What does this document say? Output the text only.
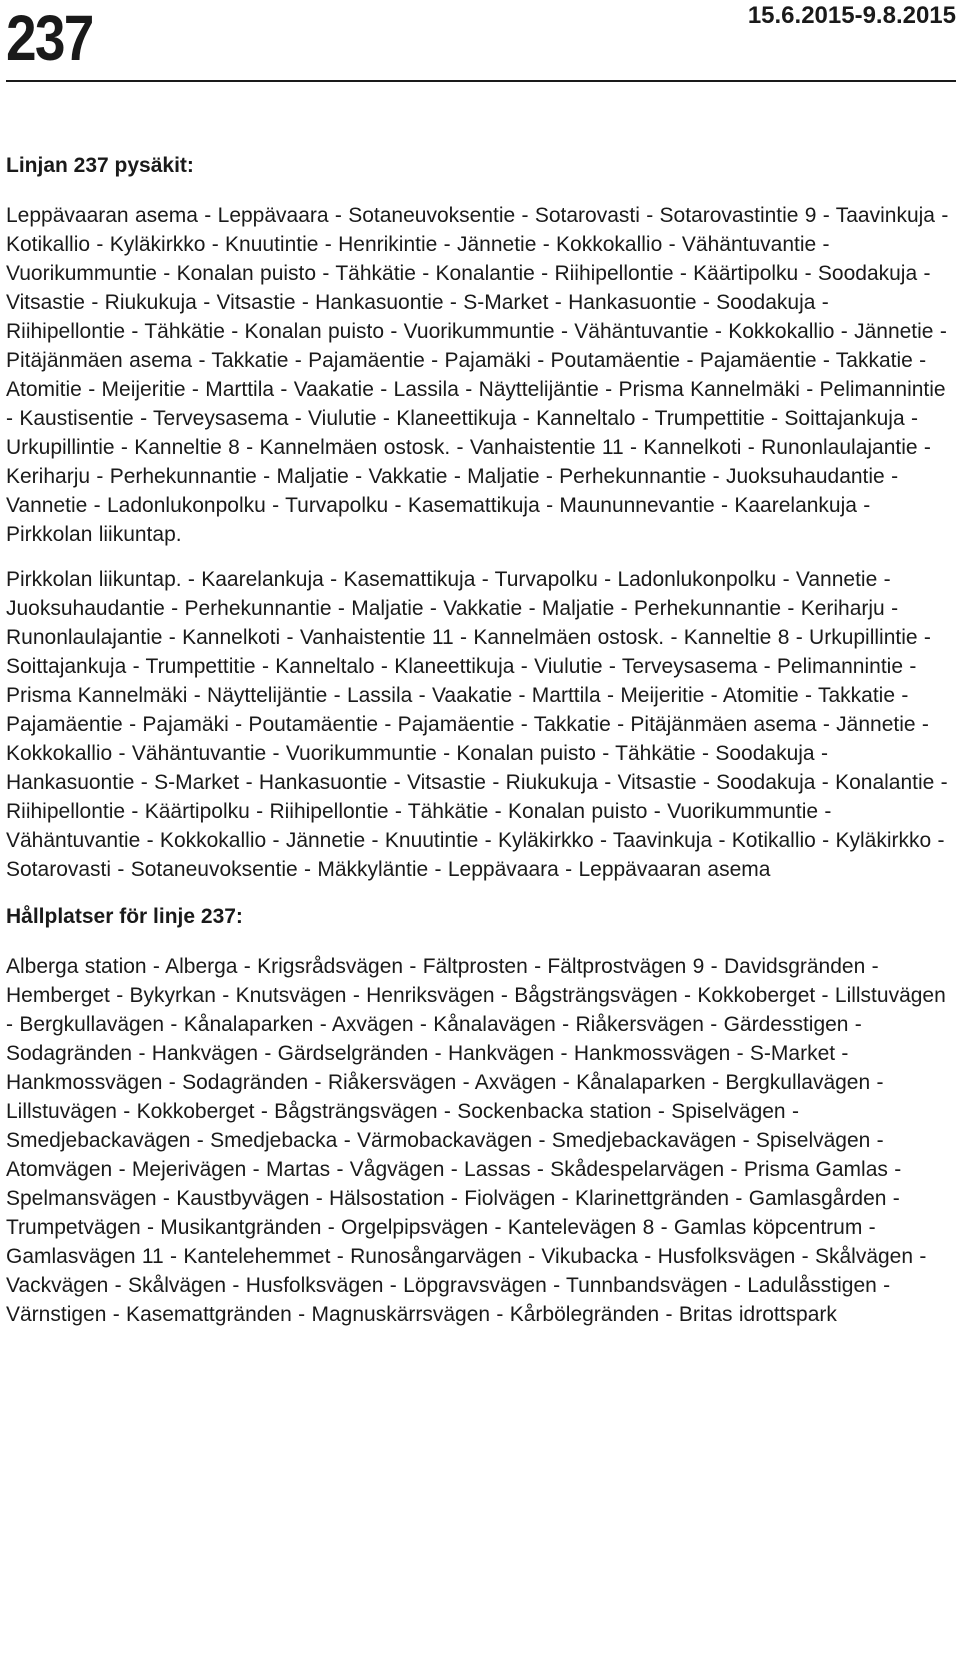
237	15.6.2015-9.8.2015
Linjan 237 pysäkit:

Leppävaaran asema - Leppävaara - Sotaneuvoksentie - Sotarovasti - Sotarovastintie 9 - Taavinkuja - Kotikallio - Kyläkirkko - Knuutintie - Henrikintie - Jännetie - Kokkokallio - Vähäntuvantie - Vuorikummuntie - Konalan puisto - Tähkätie - Konalantie - Riihipellontie - Käärtipolku - Soodakuja - Vitsastie - Riukukuja - Vitsastie - Hankasuontie - S-Market - Hankasuontie - Soodakuja - Riihipellontie - Tähkätie - Konalan puisto - Vuorikummuntie - Vähäntuvantie - Kokkokallio - Jännetie - Pitäjänmäen asema - Takkatie - Pajamäentie - Pajamäki - Poutamäentie - Pajamäentie - Takkatie - Atomitie - Meijeritie - Marttila - Vaakatie - Lassila - Näyttelijäntie - Prisma Kannelmäki - Pelimannintie - Kaustisentie - Terveysasema - Viulutie - Klaneettikuja - Kanneltalo - Trumpettitie - Soittajankuja - Urkupillintie - Kanneltie 8 - Kannelmäen ostosk. - Vanhaistentie 11 - Kannelkoti - Runonlaulajantie - Keriharju - Perhekunnantie - Maljatie - Vakkatie - Maljatie - Perhekunnantie - Juoksuhaudantie - Vannetie - Ladonlukonpolku - Turvapolku - Kasemattikuja - Maununnevantie - Kaarelankuja - Pirkkolan liikuntap.

Pirkkolan liikuntap. - Kaarelankuja - Kasemattikuja - Turvapolku - Ladonlukonpolku - Vannetie - Juoksuhaudantie - Perhekunnantie - Maljatie - Vakkatie - Maljatie - Perhekunnantie - Keriharju - Runonlaulajantie - Kannelkoti - Vanhaistentie 11 - Kannelmäen ostosk. - Kanneltie 8 - Urkupillintie - Soittajankuja - Trumpettitie - Kanneltalo - Klaneettikuja - Viulutie - Terveysasema - Pelimannintie - Prisma Kannelmäki - Näyttelijäntie - Lassila - Vaakatie - Marttila - Meijeritie - Atomitie - Takkatie - Pajamäentie - Pajamäki - Poutamäentie - Pajamäentie - Takkatie - Pitäjänmäen asema - Jännetie - Kokkokallio - Vähäntuvantie - Vuorikummuntie - Konalan puisto - Tähkätie - Soodakuja - Hankasuontie - S-Market - Hankasuontie - Vitsastie - Riukukuja - Vitsastie - Soodakuja - Konalantie - Riihipellontie - Käärtipolku - Riihipellontie - Tähkätie - Konalan puisto - Vuorikummuntie - Vähäntuvantie - Kokkokallio - Jännetie - Knuutintie - Kyläkirkko - Taavinkuja - Kotikallio - Kyläkirkko - Sotarovasti - Sotaneuvoksentie - Mäkkyläntie - Leppävaara - Leppävaaran asema

Hållplatser för linje 237:

Alberga station - Alberga - Krigsrådsvägen - Fältprosten - Fältprostvägen 9 - Davidsgränden - Hemberget - Bykyrkan - Knutsvägen - Henriksvägen - Bågsträngsvägen - Kokkoberget - Lillstuvägen - Bergkullavägen - Kånalaparken - Axvägen - Kånalavägen - Riåkersvägen - Gärdesstigen - Sodagränden - Hankvägen - Gärdselgränden - Hankvägen - Hankmossvägen - S-Market - Hankmossvägen - Sodagränden - Riåkersvägen - Axvägen - Kånalaparken - Bergkullavägen - Lillstuvägen - Kokkoberget - Bågsträngsvägen - Sockenbacka station - Spiselvägen - Smedjebackavägen - Smedjebacka - Värmobackavägen - Smedjebackavägen - Spiselvägen - Atomvägen - Mejerivägen - Martas - Vågvägen - Lassas - Skådespelarvägen - Prisma Gamlas - Spelmansvägen - Kaustbyvägen - Hälsostation - Fiolvägen - Klarinettgränden - Gamlasgården - Trumpetvägen - Musikantgränden - Orgelpipsvägen - Kantelevägen 8 - Gamlas köpcentrum - Gamlasvägen 11 - Kantelehemmet - Runosångarvägen - Vikubacka - Husfolksvägen - Skålvägen - Vackvägen - Skålvägen - Husfolksvägen - Löpgravsvägen - Tunnbandsvägen - Ladulåsstigen - Värnstigen - Kasemattgränden - Magnuskärrsvägen - Kårbölegränden - Britas idrottspark
